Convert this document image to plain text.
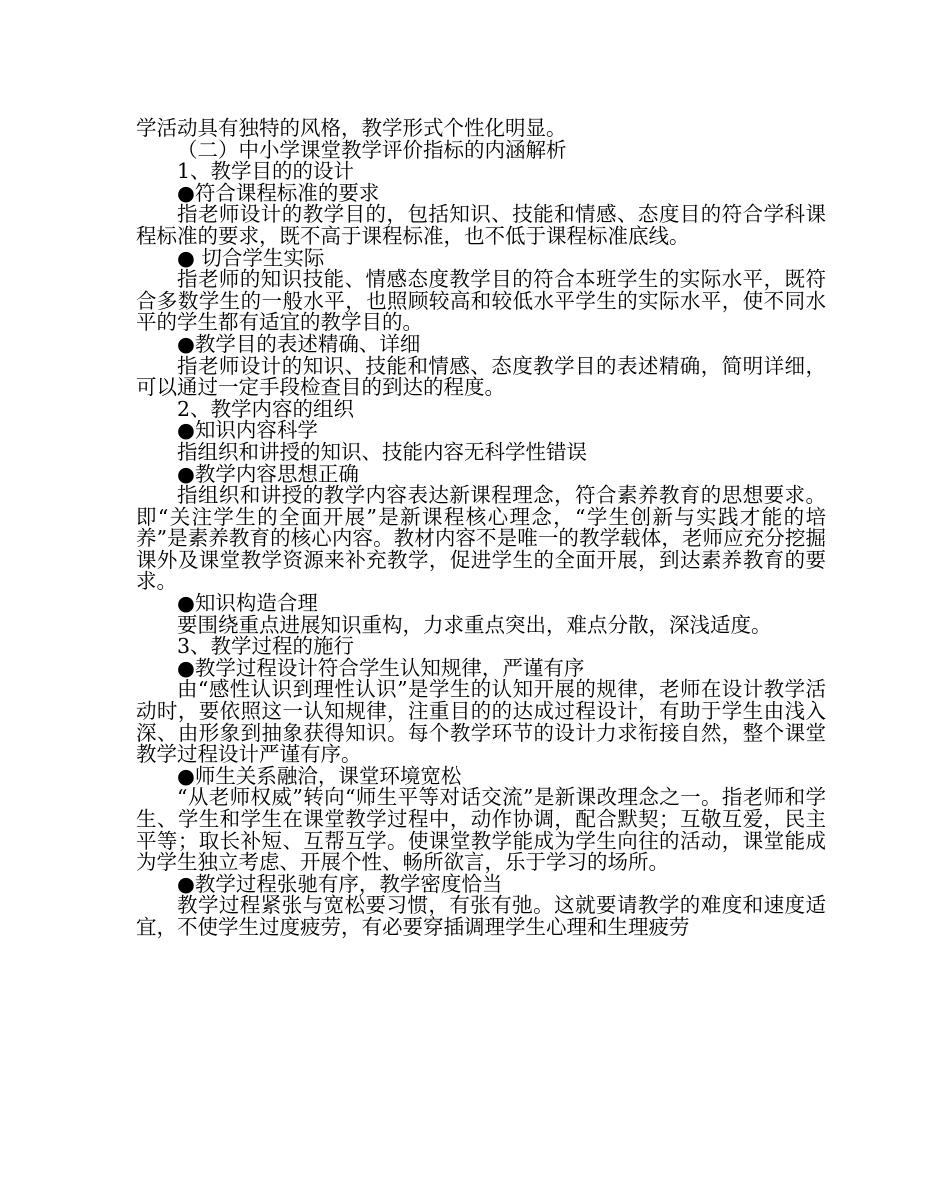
学活动具有独特的风格，教学形式个性化明显。

（二）中小学课堂教学评价指标的内涵解析

1、教学目的的设计

●符合课程标准的要求

指老师设计的教学目的，包括知识、技能和情感、态度目的符合学科课程标准的要求，既不高于课程标准，也不低于课程标准底线。

● 切合学生实际

指老师的知识技能、情感态度教学目的符合本班学生的实际水平，既符合多数学生的一般水平，也照顾较高和较低水平学生的实际水平，使不同水平的学生都有适宜的教学目的。

●教学目的表述精确、详细

指老师设计的知识、技能和情感、态度教学目的表述精确，简明详细，可以通过一定手段检查目的到达的程度。

2、教学内容的组织

●知识内容科学

指组织和讲授的知识、技能内容无科学性错误

●教学内容思想正确

指组织和讲授的教学内容表达新课程理念，符合素养教育的思想要求。即“关注学生的全面开展”是新课程核心理念，“学生创新与实践才能的培养”是素养教育的核心内容。教材内容不是唯一的教学载体，老师应充分挖掘课外及课堂教学资源来补充教学，促进学生的全面开展，到达素养教育的要求。

●知识构造合理

要围绕重点进展知识重构，力求重点突出，难点分散，深浅适度。

3、教学过程的施行

●教学过程设计符合学生认知规律，严谨有序

由“感性认识到理性认识”是学生的认知开展的规律，老师在设计教学活动时，要依照这一认知规律，注重目的的达成过程设计，有助于学生由浅入深、由形象到抽象获得知识。每个教学环节的设计力求衔接自然，整个课堂教学过程设计严谨有序。

●师生关系融洽，课堂环境宽松

“从老师权威”转向“师生平等对话交流”是新课改理念之一。指老师和学生、学生和学生在课堂教学过程中，动作协调，配合默契；互敬互爱，民主平等；取长补短、互帮互学。使课堂教学能成为学生向往的活动，课堂能成为学生独立考虑、开展个性、畅所欲言，乐于学习的场所。

●教学过程张驰有序，教学密度恰当

教学过程紧张与宽松要习惯，有张有弛。这就要请教学的难度和速度适宜，不使学生过度疲劳，有必要穿插调理学生心理和生理疲劳
